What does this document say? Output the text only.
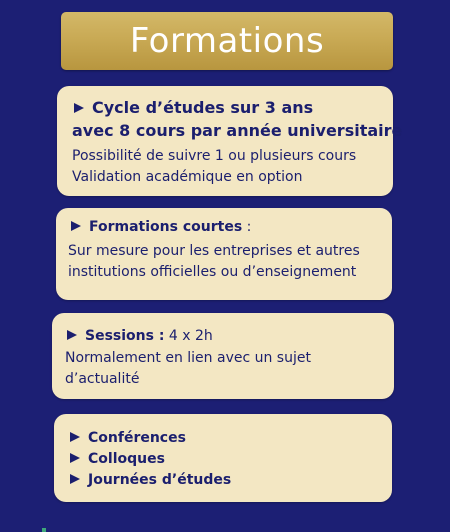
Formations
Cycle d’études sur 3 ans
avec 8 cours par année universitaire
Possibilité de suivre 1 ou plusieurs cours
Validation académique en option
Formations courtes :
Sur mesure pour les entreprises et autres
institutions officielles ou d’enseignement
Sessions : 4 x 2h
Normalement en lien avec un sujet
d’actualité
Conférences
Colloques
Journées d’études
